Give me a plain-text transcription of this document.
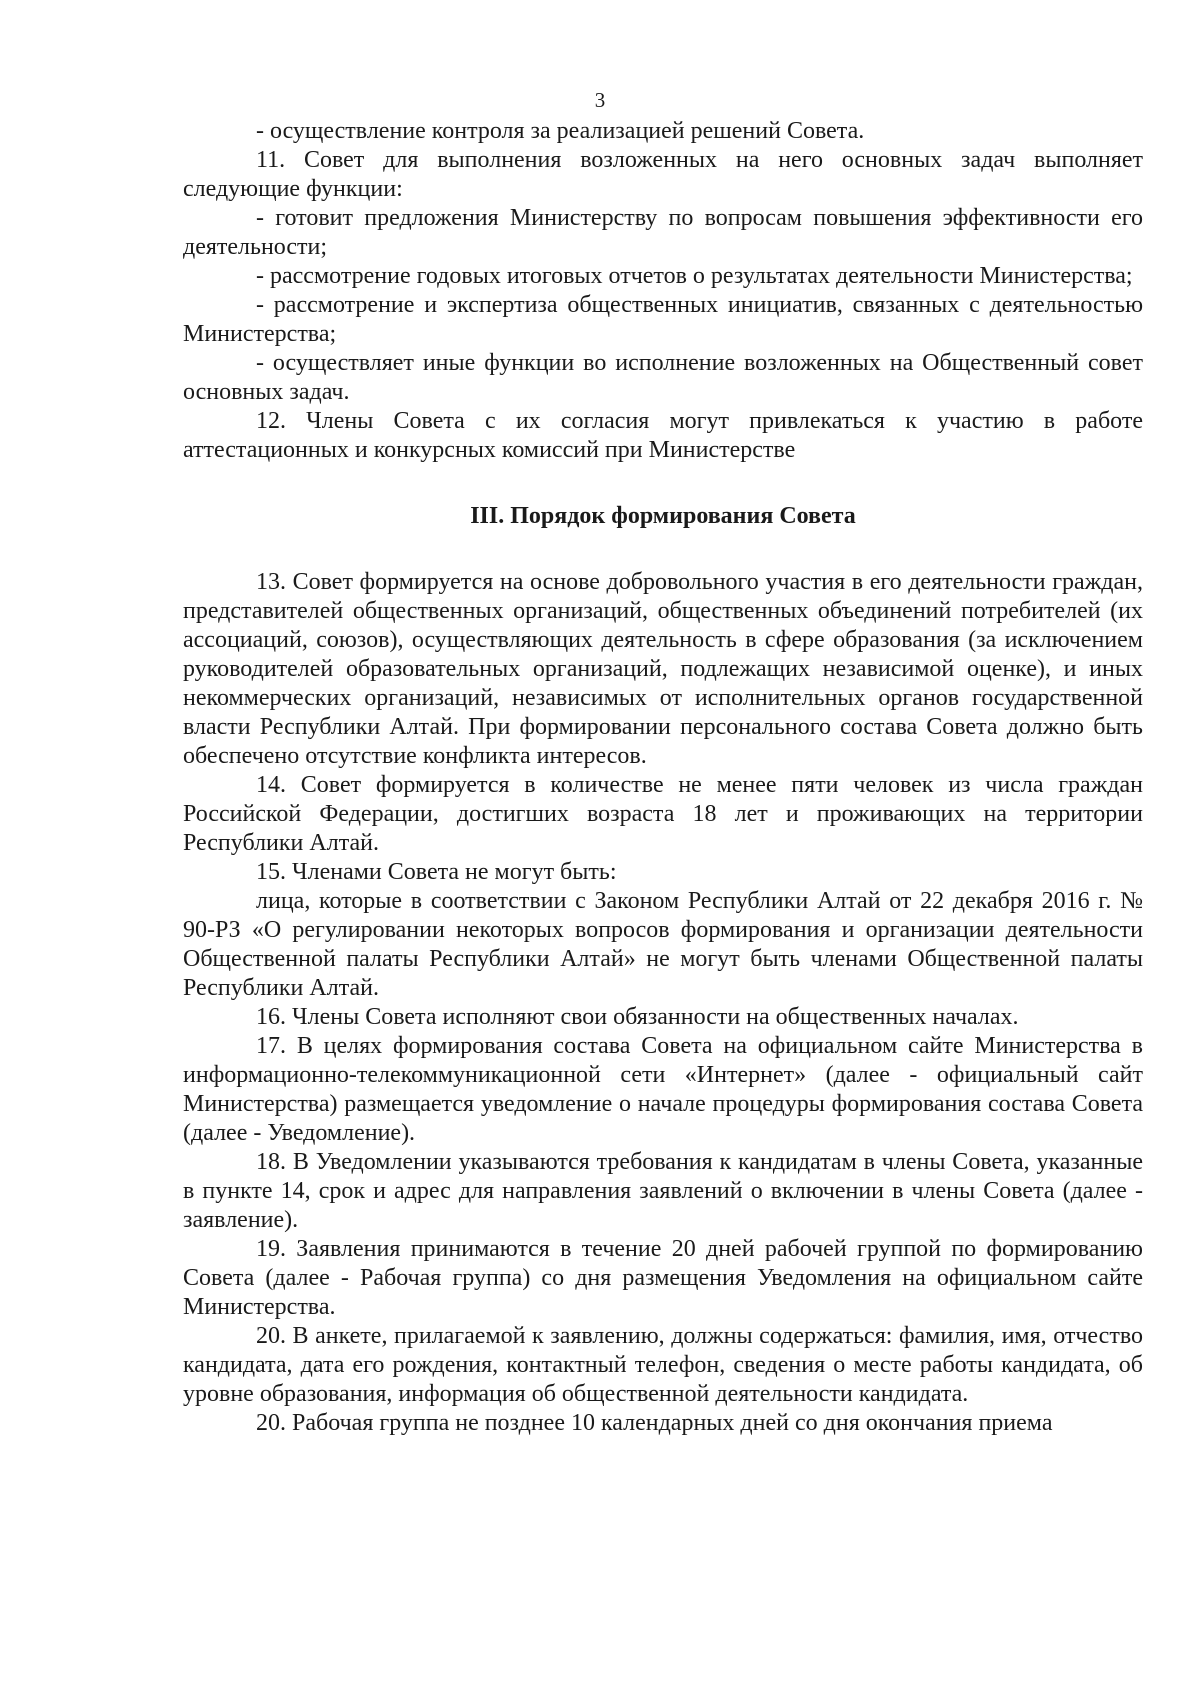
3

- осуществление контроля за реализацией решений Совета.

11. Совет для выполнения возложенных на него основных задач выполняет следующие функции:

- готовит предложения Министерству по вопросам повышения эффективности его деятельности;

- рассмотрение годовых итоговых отчетов о результатах деятельности Министерства;

- рассмотрение и экспертиза общественных инициатив, связанных с деятельностью Министерства;

- осуществляет иные функции во исполнение возложенных на Общественный совет основных задач.

12. Члены Совета с их согласия могут привлекаться к участию в работе аттестационных и конкурсных комиссий при Министерстве

III. Порядок формирования Совета

13. Совет формируется на основе добровольного участия в его деятельности граждан, представителей общественных организаций, общественных объединений потребителей (их ассоциаций, союзов), осуществляющих деятельность в сфере образования (за исключением руководителей образовательных организаций, подлежащих независимой оценке), и иных некоммерческих организаций, независимых от исполнительных органов государственной власти Республики Алтай. При формировании персонального состава Совета должно быть обеспечено отсутствие конфликта интересов.

14. Совет формируется в количестве не менее пяти человек из числа граждан Российской Федерации, достигших возраста 18 лет и проживающих на территории Республики Алтай.

15. Членами Совета не могут быть:

лица, которые в соответствии с Законом Республики Алтай от 22 декабря 2016 г. № 90-РЗ «О регулировании некоторых вопросов формирования и организации деятельности Общественной палаты Республики Алтай» не могут быть членами Общественной палаты Республики Алтай.

16. Члены Совета исполняют свои обязанности на общественных началах.

17. В целях формирования состава Совета на официальном сайте Министерства в информационно-телекоммуникационной сети «Интернет» (далее - официальный сайт Министерства) размещается уведомление о начале процедуры формирования состава Совета (далее - Уведомление).

18. В Уведомлении указываются требования к кандидатам в члены Совета, указанные в пункте 14, срок и адрес для направления заявлений о включении в члены Совета (далее - заявление).

19. Заявления принимаются в течение 20 дней рабочей группой по формированию Совета (далее - Рабочая группа) со дня размещения Уведомления на официальном сайте Министерства.

20. В анкете, прилагаемой к заявлению, должны содержаться: фамилия, имя, отчество кандидата, дата его рождения, контактный телефон, сведения о месте работы кандидата, об уровне образования, информация об общественной деятельности кандидата.

20. Рабочая группа не позднее 10 календарных дней со дня окончания приема
